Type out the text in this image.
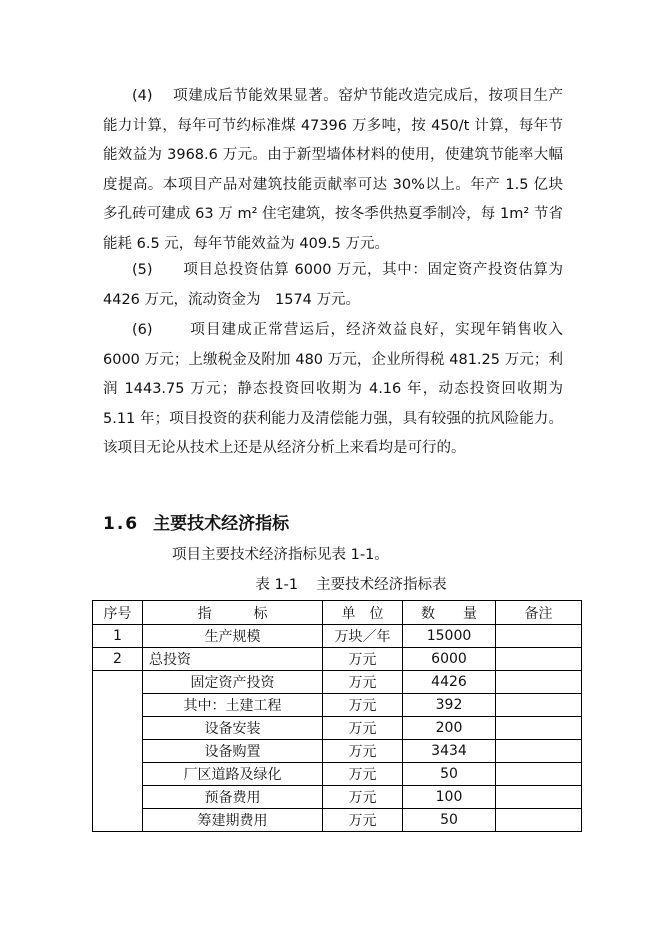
(4)　 项建成后节能效果显著。窑炉节能改造完成后，按项目生产能力计算，每年可节约标准煤 47396 万多吨，按 450/t 计算，每年节能效益为 3968.6 万元。由于新型墙体材料的使用，使建筑节能率大幅度提高。本项目产品对建筑技能贡献率可达 30%以上。年产 1.5 亿块多孔砖可建成 63 万 m² 住宅建筑，按冬季供热夏季制冷，每 1m² 节省能耗 6.5 元，每年节能效益为 409.5 万元。

(5)　　项目总投资估算 6000 万元，其中：固定资产投资估算为 4426 万元，流动资金为　1574 万元。

(6)　　 项目建成正常营运后，经济效益良好，实现年销售收入 6000 万元；上缴税金及附加 480 万元，企业所得税 481.25 万元；利润 1443.75 万元；静态投资回收期为 4.16 年，动态投资回收期为 5.11 年；项目投资的获利能力及清偿能力强，具有较强的抗风险能力。该项目无论从技术上还是从经济分析上来看均是可行的。

1.6 主要技术经济指标

项目主要技术经济指标见表 1-1。

表 1-1 主要技术经济指标表

序号	指　　　标	单　位	数　　量	备注
1	生产规模	万块／年	15000	
2	总投资	万元	6000	
	固定资产投资	万元	4426	
	其中：土建工程	万元	392	
	设备安装	万元	200	
	设备购置	万元	3434	
	厂区道路及绿化	万元	50	
	预备费用	万元	100	
	筹建期费用	万元	50	
